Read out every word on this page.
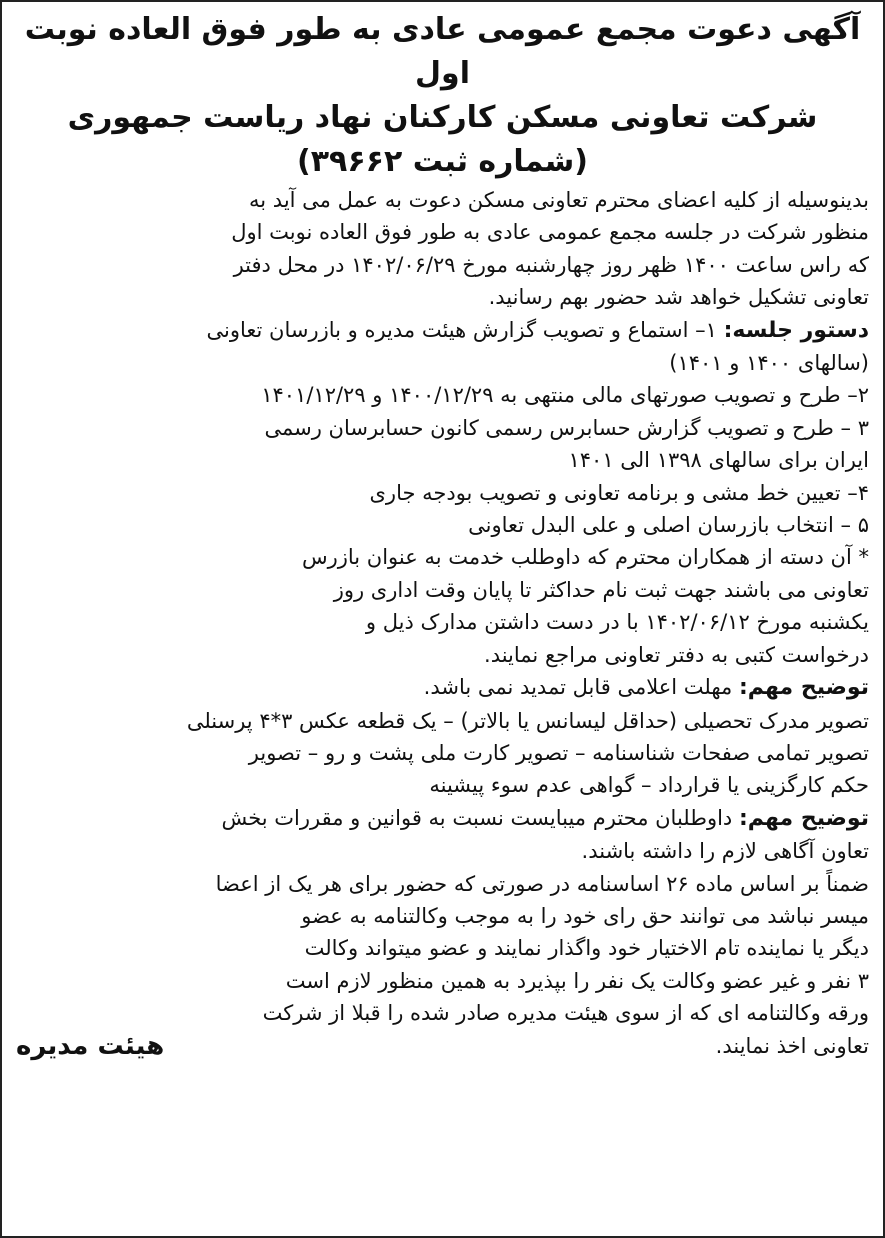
آگهی دعوت مجمع عمومی عادی به طور فوق العاده نوبت اول
شرکت تعاونی مسکن کارکنان نهاد ریاست جمهوری
(شماره ثبت ۳۹۶۶۲)
بدینوسیله از کلیه اعضای محترم تعاونی مسکن دعوت به عمل می آید به
منظور شرکت در جلسه مجمع عمومی عادی به طور فوق العاده نوبت اول
که راس ساعت ۱۴۰۰ ظهر روز چهارشنبه مورخ ۱۴۰۲/۰۶/۲۹ در محل دفتر
تعاونی تشکیل خواهد شد حضور بهم رسانید.
دستور جلسه: ۱– استماع و تصویب گزارش هیئت مدیره و بازرسان تعاونی
(سالهای ۱۴۰۰ و ۱۴۰۱)
۲– طرح و تصویب صورتهای مالی منتهی به ۱۴۰۰/۱۲/۲۹ و ۱۴۰۱/۱۲/۲۹
۳ – طرح و تصویب گزارش حسابرس رسمی کانون حسابرسان رسمی
ایران برای سالهای ۱۳۹۸ الی ۱۴۰۱
۴– تعیین خط مشی و برنامه تعاونی و تصویب بودجه جاری
۵ – انتخاب بازرسان اصلی و علی البدل تعاونی
* آن دسته از همکاران محترم که داوطلب خدمت به عنوان بازرس
تعاونی می باشند جهت ثبت نام حداکثر تا پایان وقت اداری روز
یکشنبه مورخ ۱۴۰۲/۰۶/۱۲ با در دست داشتن مدارک ذیل و
درخواست کتبی به دفتر تعاونی مراجع نمایند.
توضیح مهم: مهلت اعلامی قابل تمدید نمی باشد.
تصویر مدرک تحصیلی (حداقل لیسانس یا بالاتر) – یک قطعه عکس ۳*۴ پرسنلی
تصویر تمامی صفحات شناسنامه – تصویر کارت ملی پشت و رو – تصویر
حکم کارگزینی یا قرارداد – گواهی عدم سوء پیشینه
توضیح مهم: داوطلبان محترم میبایست نسبت به قوانین و مقررات بخش
تعاون آگاهی لازم را داشته باشند.
ضمناً بر اساس ماده ۲۶ اساسنامه در صورتی که حضور برای هر یک از اعضا
میسر نباشد می توانند حق رای خود را به موجب وکالتنامه به عضو
دیگر یا نماینده تام الاختیار خود واگذار نمایند و عضو میتواند وکالت
۳ نفر و غیر عضو وکالت یک نفر را بپذیرد به همین منظور لازم است
ورقه وکالتنامه ای که از سوی هیئت مدیره صادر شده را قبلا از شرکت
تعاونی اخذ نمایند.
هیئت مدیره
